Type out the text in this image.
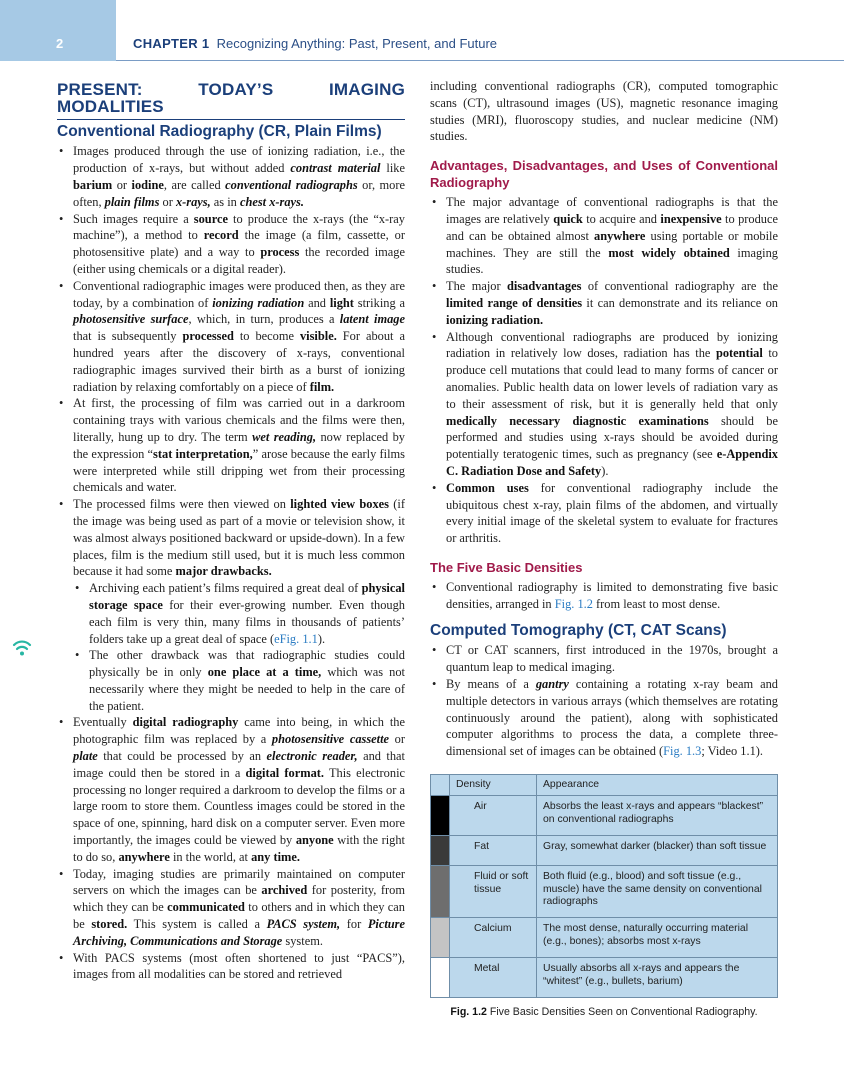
2	CHAPTER 1 Recognizing Anything: Past, Present, and Future
PRESENT: TODAY’S IMAGING MODALITIES
Conventional Radiography (CR, Plain Films)
• Images produced through the use of ionizing radiation, i.e., the production of x-rays, but without added contrast material like barium or iodine, are called conventional radiographs or, more often, plain films or x-rays, as in chest x-rays.
• Such images require a source to produce the x-rays (the “x-ray machine”), a method to record the image (a film, cassette, or photosensitive plate) and a way to process the recorded image (either using chemicals or a digital reader).
• Conventional radiographic images were produced then, as they are today, by a combination of ionizing radiation and light striking a photosensitive surface, which, in turn, produces a latent image that is subsequently processed to become visible. For about a hundred years after the discovery of x-rays, conventional radiographic images survived their birth as a burst of ionizing radiation by relaxing comfortably on a piece of film.
• At first, the processing of film was carried out in a darkroom containing trays with various chemicals and the films were then, literally, hung up to dry. The term wet reading, now replaced by the expression “stat interpretation,” arose because the early films were interpreted while still dripping wet from their processing chemicals and water.
• The processed films were then viewed on lighted view boxes (if the image was being used as part of a movie or television show, it was almost always positioned backward or upside-down). In a few places, film is the medium still used, but it is much less common because it had some major drawbacks.
• Archiving each patient’s films required a great deal of physical storage space for their ever-growing number. Even though each film is very thin, many films in thousands of patients’ folders take up a great deal of space (eFig. 1.1).
• The other drawback was that radiographic studies could physically be in only one place at a time, which was not necessarily where they might be needed to help in the care of the patient.
• Eventually digital radiography came into being, in which the photographic film was replaced by a photosensitive cassette or plate that could be processed by an electronic reader, and that image could then be stored in a digital format. This electronic processing no longer required a darkroom to develop the films or a large room to store them. Countless images could be stored in the space of one, spinning, hard disk on a computer server. Even more importantly, the images could be viewed by anyone with the right to do so, anywhere in the world, at any time.
• Today, imaging studies are primarily maintained on computer servers on which the images can be archived for posterity, from which they can be communicated to others and in which they can be stored. This system is called a PACS system, for Picture Archiving, Communications and Storage system.
• With PACS systems (most often shortened to just “PACS”), images from all modalities can be stored and retrieved

including conventional radiographs (CR), computed tomographic scans (CT), ultrasound images (US), magnetic resonance imaging studies (MRI), fluoroscopy studies, and nuclear medicine (NM) studies.

Advantages, Disadvantages, and Uses of Conventional Radiography
• The major advantage of conventional radiographs is that the images are relatively quick to acquire and inexpensive to produce and can be obtained almost anywhere using portable or mobile machines. They are still the most widely obtained imaging studies.
• The major disadvantages of conventional radiography are the limited range of densities it can demonstrate and its reliance on ionizing radiation.
• Although conventional radiographs are produced by ionizing radiation in relatively low doses, radiation has the potential to produce cell mutations that could lead to many forms of cancer or anomalies. Public health data on lower levels of radiation vary as to their assessment of risk, but it is generally held that only medically necessary diagnostic examinations should be performed and studies using x-rays should be avoided during potentially teratogenic times, such as pregnancy (see e-Appendix C. Radiation Dose and Safety).
• Common uses for conventional radiography include the ubiquitous chest x-ray, plain films of the abdomen, and virtually every initial image of the skeletal system to evaluate for fractures or arthritis.
The Five Basic Densities
• Conventional radiography is limited to demonstrating five basic densities, arranged in Fig. 1.2 from least to most dense.
Computed Tomography (CT, CAT Scans)
• CT or CAT scanners, first introduced in the 1970s, brought a quantum leap to medical imaging.
• By means of a gantry containing a rotating x-ray beam and multiple detectors in various arrays (which themselves are rotating continuously around the patient), along with sophisticated computer algorithms to process the data, a complete three-dimensional set of images can be obtained (Fig. 1.3; Video 1.1).
	Density	Appearance
	Air	Absorbs the least x-rays and appears “blackest” on conventional radiographs
	Fat	Gray, somewhat darker (blacker) than soft tissue
	Fluid or soft tissue	Both fluid (e.g., blood) and soft tissue (e.g., muscle) have the same density on conventional radiographs
	Calcium	The most dense, naturally occurring material (e.g., bones); absorbs most x-rays
	Metal	Usually absorbs all x-rays and appears the “whitest” (e.g., bullets, barium)
Fig. 1.2 Five Basic Densities Seen on Conventional Radiography.
